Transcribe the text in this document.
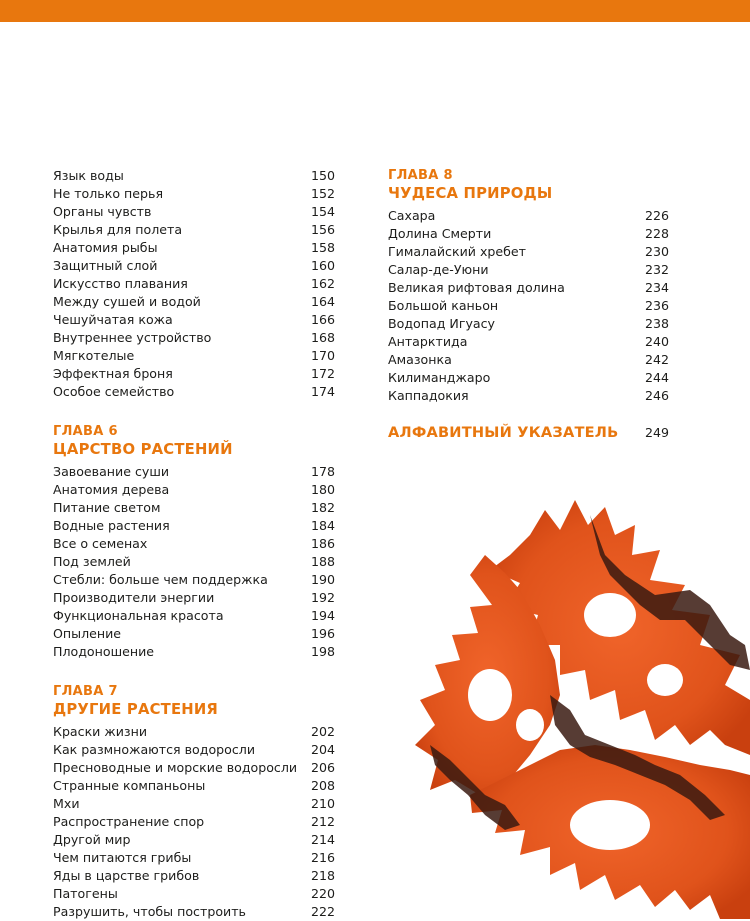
Язык воды	150
Не только перья	152
Органы чувств	154
Крылья для полета	156
Анатомия рыбы	158
Защитный слой	160
Искусство плавания	162
Между сушей и водой	164
Чешуйчатая кожа	166
Внутреннее устройство	168
Мягкотелые	170
Эффектная броня	172
Особое семейство	174
ГЛАВА 6
ЦАРСТВО РАСТЕНИЙ
Завоевание суши	178
Анатомия дерева	180
Питание светом	182
Водные растения	184
Все о семенах	186
Под землей	188
Стебли: больше чем поддержка	190
Производители энергии	192
Функциональная красота	194
Опыление	196
Плодоношение	198
ГЛАВА 7
ДРУГИЕ РАСТЕНИЯ
Краски жизни	202
Как размножаются водоросли	204
Пресноводные и морские водоросли 206
Странные компаньоны	208
Мхи	210
Распространение спор	212
Другой мир	214
Чем питаются грибы	216
Яды в царстве грибов	218
Патогены	220
Разрушить, чтобы построить	222
ГЛАВА 8
ЧУДЕСА ПРИРОДЫ
Сахара	226
Долина Смерти	228
Гималайский хребет	230
Салар-де-Уюни	232
Великая рифтовая долина	234
Большой каньон	236
Водопад Игуасу	238
Антарктида	240
Амазонка	242
Килиманджаро	244
Каппадокия	246
АЛФАВИТНЫЙ УКАЗАТЕЛЬ 249
